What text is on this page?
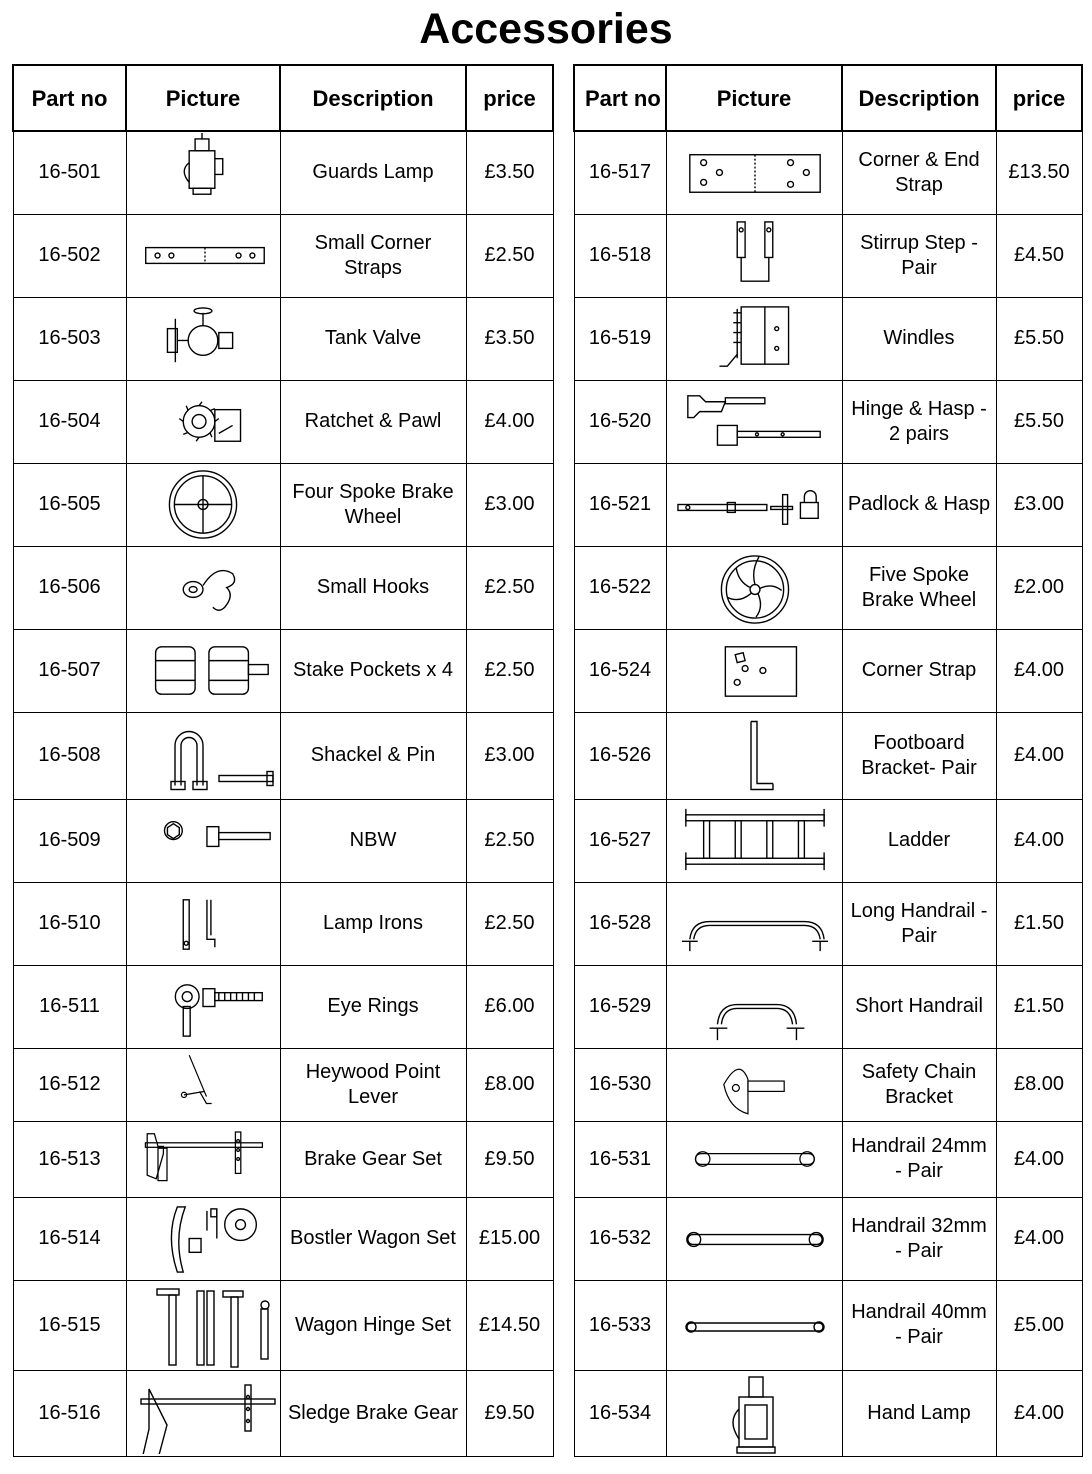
Accessories
Part no	Picture	Description	price
16-501		Guards Lamp	£3.50
16-502		Small Corner Straps	£2.50
16-503		Tank Valve	£3.50
16-504		Ratchet & Pawl	£4.00
16-505		Four Spoke Brake Wheel	£3.00
16-506		Small Hooks	£2.50
16-507		Stake Pockets x 4	£2.50
16-508		Shackel & Pin	£3.00
16-509		NBW	£2.50
16-510		Lamp Irons	£2.50
16-511		Eye Rings	£6.00
16-512		Heywood Point Lever	£8.00
16-513		Brake Gear Set	£9.50
16-514		Bostler Wagon Set	£15.00
16-515		Wagon Hinge Set	£14.50
16-516		Sledge Brake Gear	£9.50
Part no	Picture	Description	price
16-517		Corner & End Strap	£13.50
16-518		Stirrup Step - Pair	£4.50
16-519		Windles	£5.50
16-520		Hinge & Hasp - 2 pairs	£5.50
16-521		Padlock & Hasp	£3.00
16-522		Five Spoke Brake Wheel	£2.00
16-524		Corner Strap	£4.00
16-526		Footboard Bracket- Pair	£4.00
16-527		Ladder	£4.00
16-528		Long Handrail - Pair	£1.50
16-529		Short Handrail	£1.50
16-530		Safety Chain Bracket	£8.00
16-531		Handrail 24mm - Pair	£4.00
16-532		Handrail 32mm - Pair	£4.00
16-533		Handrail 40mm - Pair	£5.00
16-534		Hand Lamp	£4.00
